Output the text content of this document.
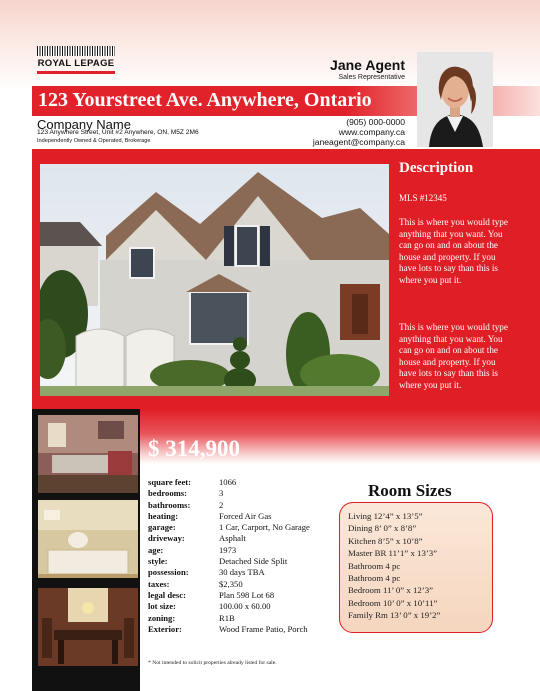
ROYAL LEPAGE	Jane Agent
Sales Representative
123 Yourstreet Ave. Anywhere, Ontario
Company Name
123 Anywhere Street, Unit #2 Anywhere, ON, M5Z 2M6
Independently Owned & Operated, Brokerage
(905) 000-0000
www.company.ca
janeagent@company.ca
Description
MLS #12345
This is where you would type anything that you want. You can go on and on about the house and property. If you have lots to say than this is where you put it.
This is where you would type anything that you want. You can go on and on about the house and property. If you have lots to say than this is where you put it.
$ 314,900
square feet:	1066
bedrooms:	3
bathrooms:	2
heating:	Forced Air Gas
garage:	1 Car, Carport, No Garage
driveway:	Asphalt
age:	1973
style:	Detached Side Split
possession:	30 days TBA
taxes:	$2,350
legal desc:	Plan 598 Lot 68
lot size:	100.00 x 60.00
zoning:	R1B
Exterior:	Wood Frame Patio, Porch
* Not intended to solicit properties already listed for sale.
Room Sizes
Living 12’4” x 13’5”
Dining 8’ 0” x 8’8”
Kitchen 8’5” x 10’8”
Master BR 11’1” x 13’3”
Bathroom 4 pc
Bathroom 4 pc
Bedroom 11’ 0” x 12’3”
Bedroom 10’ 0” x 10’11”
Family Rm 13’ 0” x 19’2”
